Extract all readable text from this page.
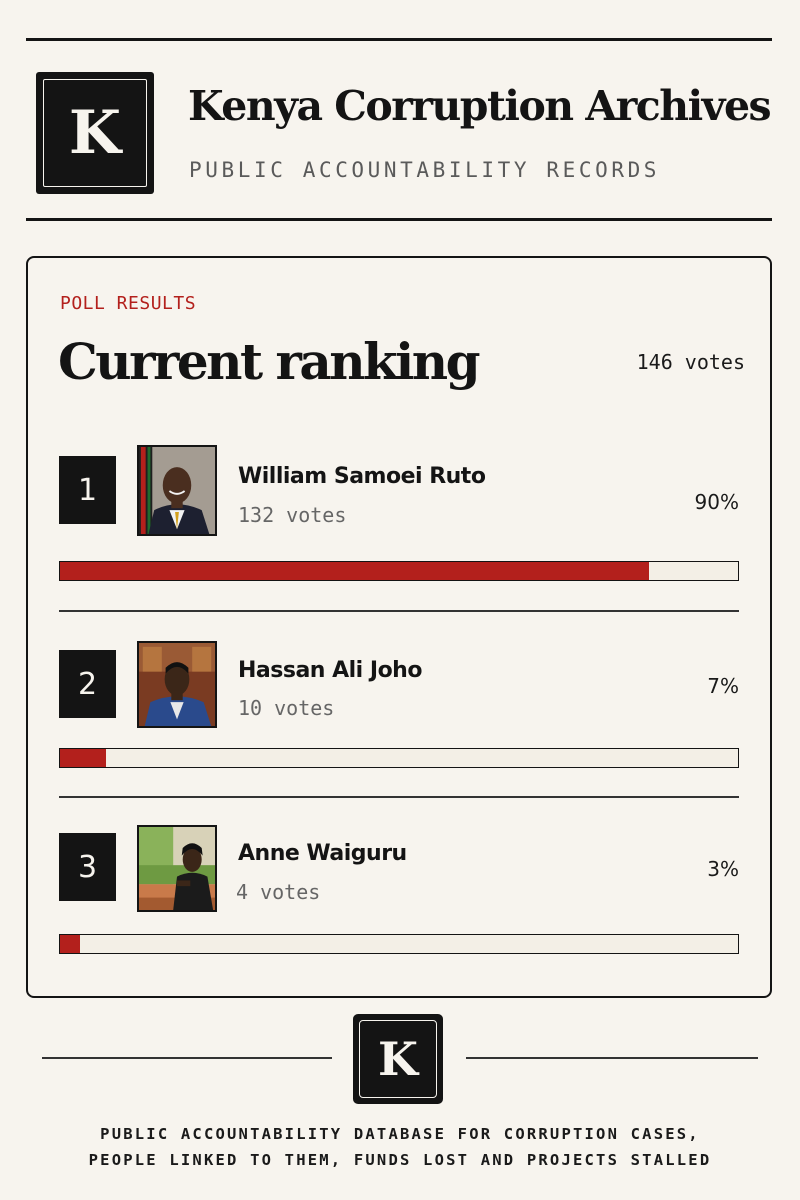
K	Kenya Corruption Archives
PUBLIC ACCOUNTABILITY RECORDS
POLL RESULTS
Current ranking	146 votes
1	William Samoei Ruto
132 votes
90%
2	Hassan Ali Joho
10 votes
7%
3	Anne Waiguru
4 votes
3%
K
PUBLIC ACCOUNTABILITY DATABASE FOR CORRUPTION CASES,
PEOPLE LINKED TO THEM, FUNDS LOST AND PROJECTS STALLED
